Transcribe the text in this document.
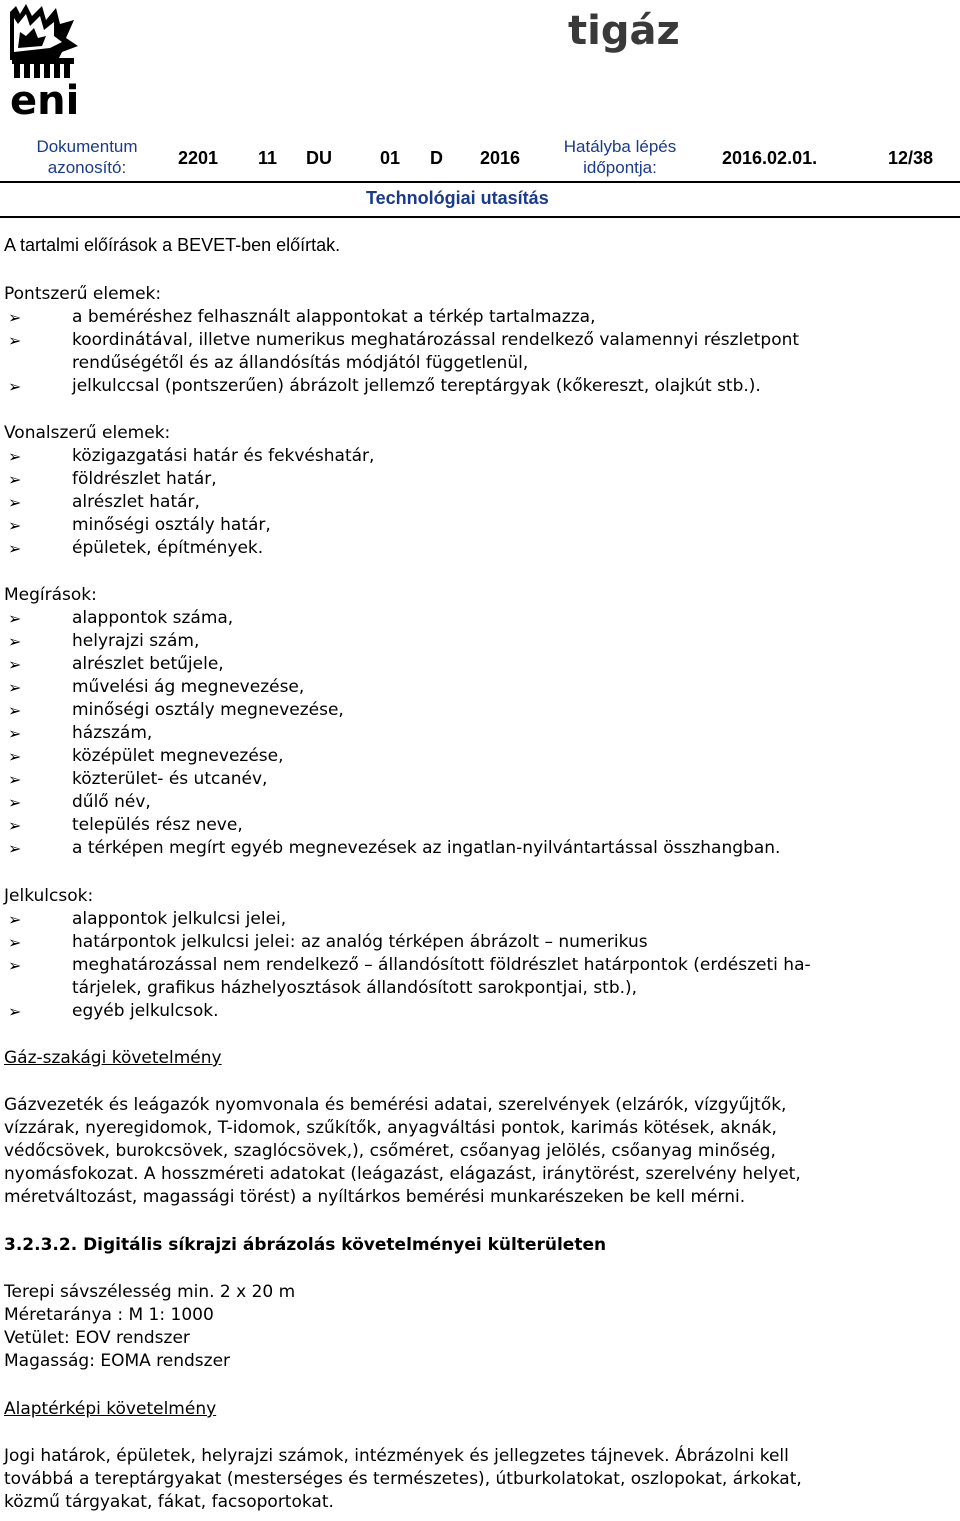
eni
tigáz
Dokumentum
azonosító:	2201 11 DU	01 D 2016
Hatályba lépés
időpontja:	2016.02.01.	12/38
Technológiai utasítás
A tartalmi előírások a BEVET-ben előírtak.
Pontszerű elemek:
➢	a beméréshez felhasznált alappontokat a térkép tartalmazza,
➢	koordinátával, illetve numerikus meghatározással rendelkező valamennyi részletpont
rendűségétől és az állandósítás módjától függetlenül,
➢	jelkulccsal (pontszerűen) ábrázolt jellemző tereptárgyak (kőkereszt, olajkút stb.).
Vonalszerű elemek:
➢	közigazgatási határ és fekvéshatár,
➢	földrészlet határ,
➢	alrészlet határ,
➢	minőségi osztály határ,
➢	épületek, építmények.
Megírások:
➢	alappontok száma,
➢	helyrajzi szám,
➢	alrészlet betűjele,
➢	művelési ág megnevezése,
➢	minőségi osztály megnevezése,
➢	házszám,
➢	középület megnevezése,
➢	közterület- és utcanév,
➢	dűlő név,
➢	település rész neve,
➢	a térképen megírt egyéb megnevezések az ingatlan-nyilvántartással összhangban.
Jelkulcsok:
➢	alappontok jelkulcsi jelei,
➢	határpontok jelkulcsi jelei: az analóg térképen ábrázolt – numerikus
➢	meghatározással nem rendelkező – állandósított földrészlet határpontok (erdészeti ha-
tárjelek, grafikus házhelyosztások állandósított sarokpontjai, stb.),
➢	egyéb jelkulcsok.
Gáz-szakági követelmény
Gázvezeték és leágazók nyomvonala és bemérési adatai, szerelvények (elzárók, vízgyűjtők,
vízzárak, nyeregidomok, T-idomok, szűkítők, anyagváltási pontok, karimás kötések, aknák,
védőcsövek, burokcsövek, szaglócsövek,), csőméret, csőanyag jelölés, csőanyag minőség,
nyomásfokozat. A hosszméreti adatokat (leágazást, elágazást, iránytörést, szerelvény helyet,
méretváltozást, magassági törést) a nyíltárkos bemérési munkarészeken be kell mérni.
3.2.3.2. Digitális síkrajzi ábrázolás követelményei külterületen
Terepi sávszélesség min. 2 x 20 m
Méretaránya : M 1: 1000
Vetület: EOV rendszer
Magasság: EOMA rendszer
Alaptérképi követelmény
Jogi határok, épületek, helyrajzi számok, intézmények és jellegzetes tájnevek. Ábrázolni kell
továbbá a tereptárgyakat (mesterséges és természetes), útburkolatokat, oszlopokat, árkokat,
közmű tárgyakat, fákat, facsoportokat.
